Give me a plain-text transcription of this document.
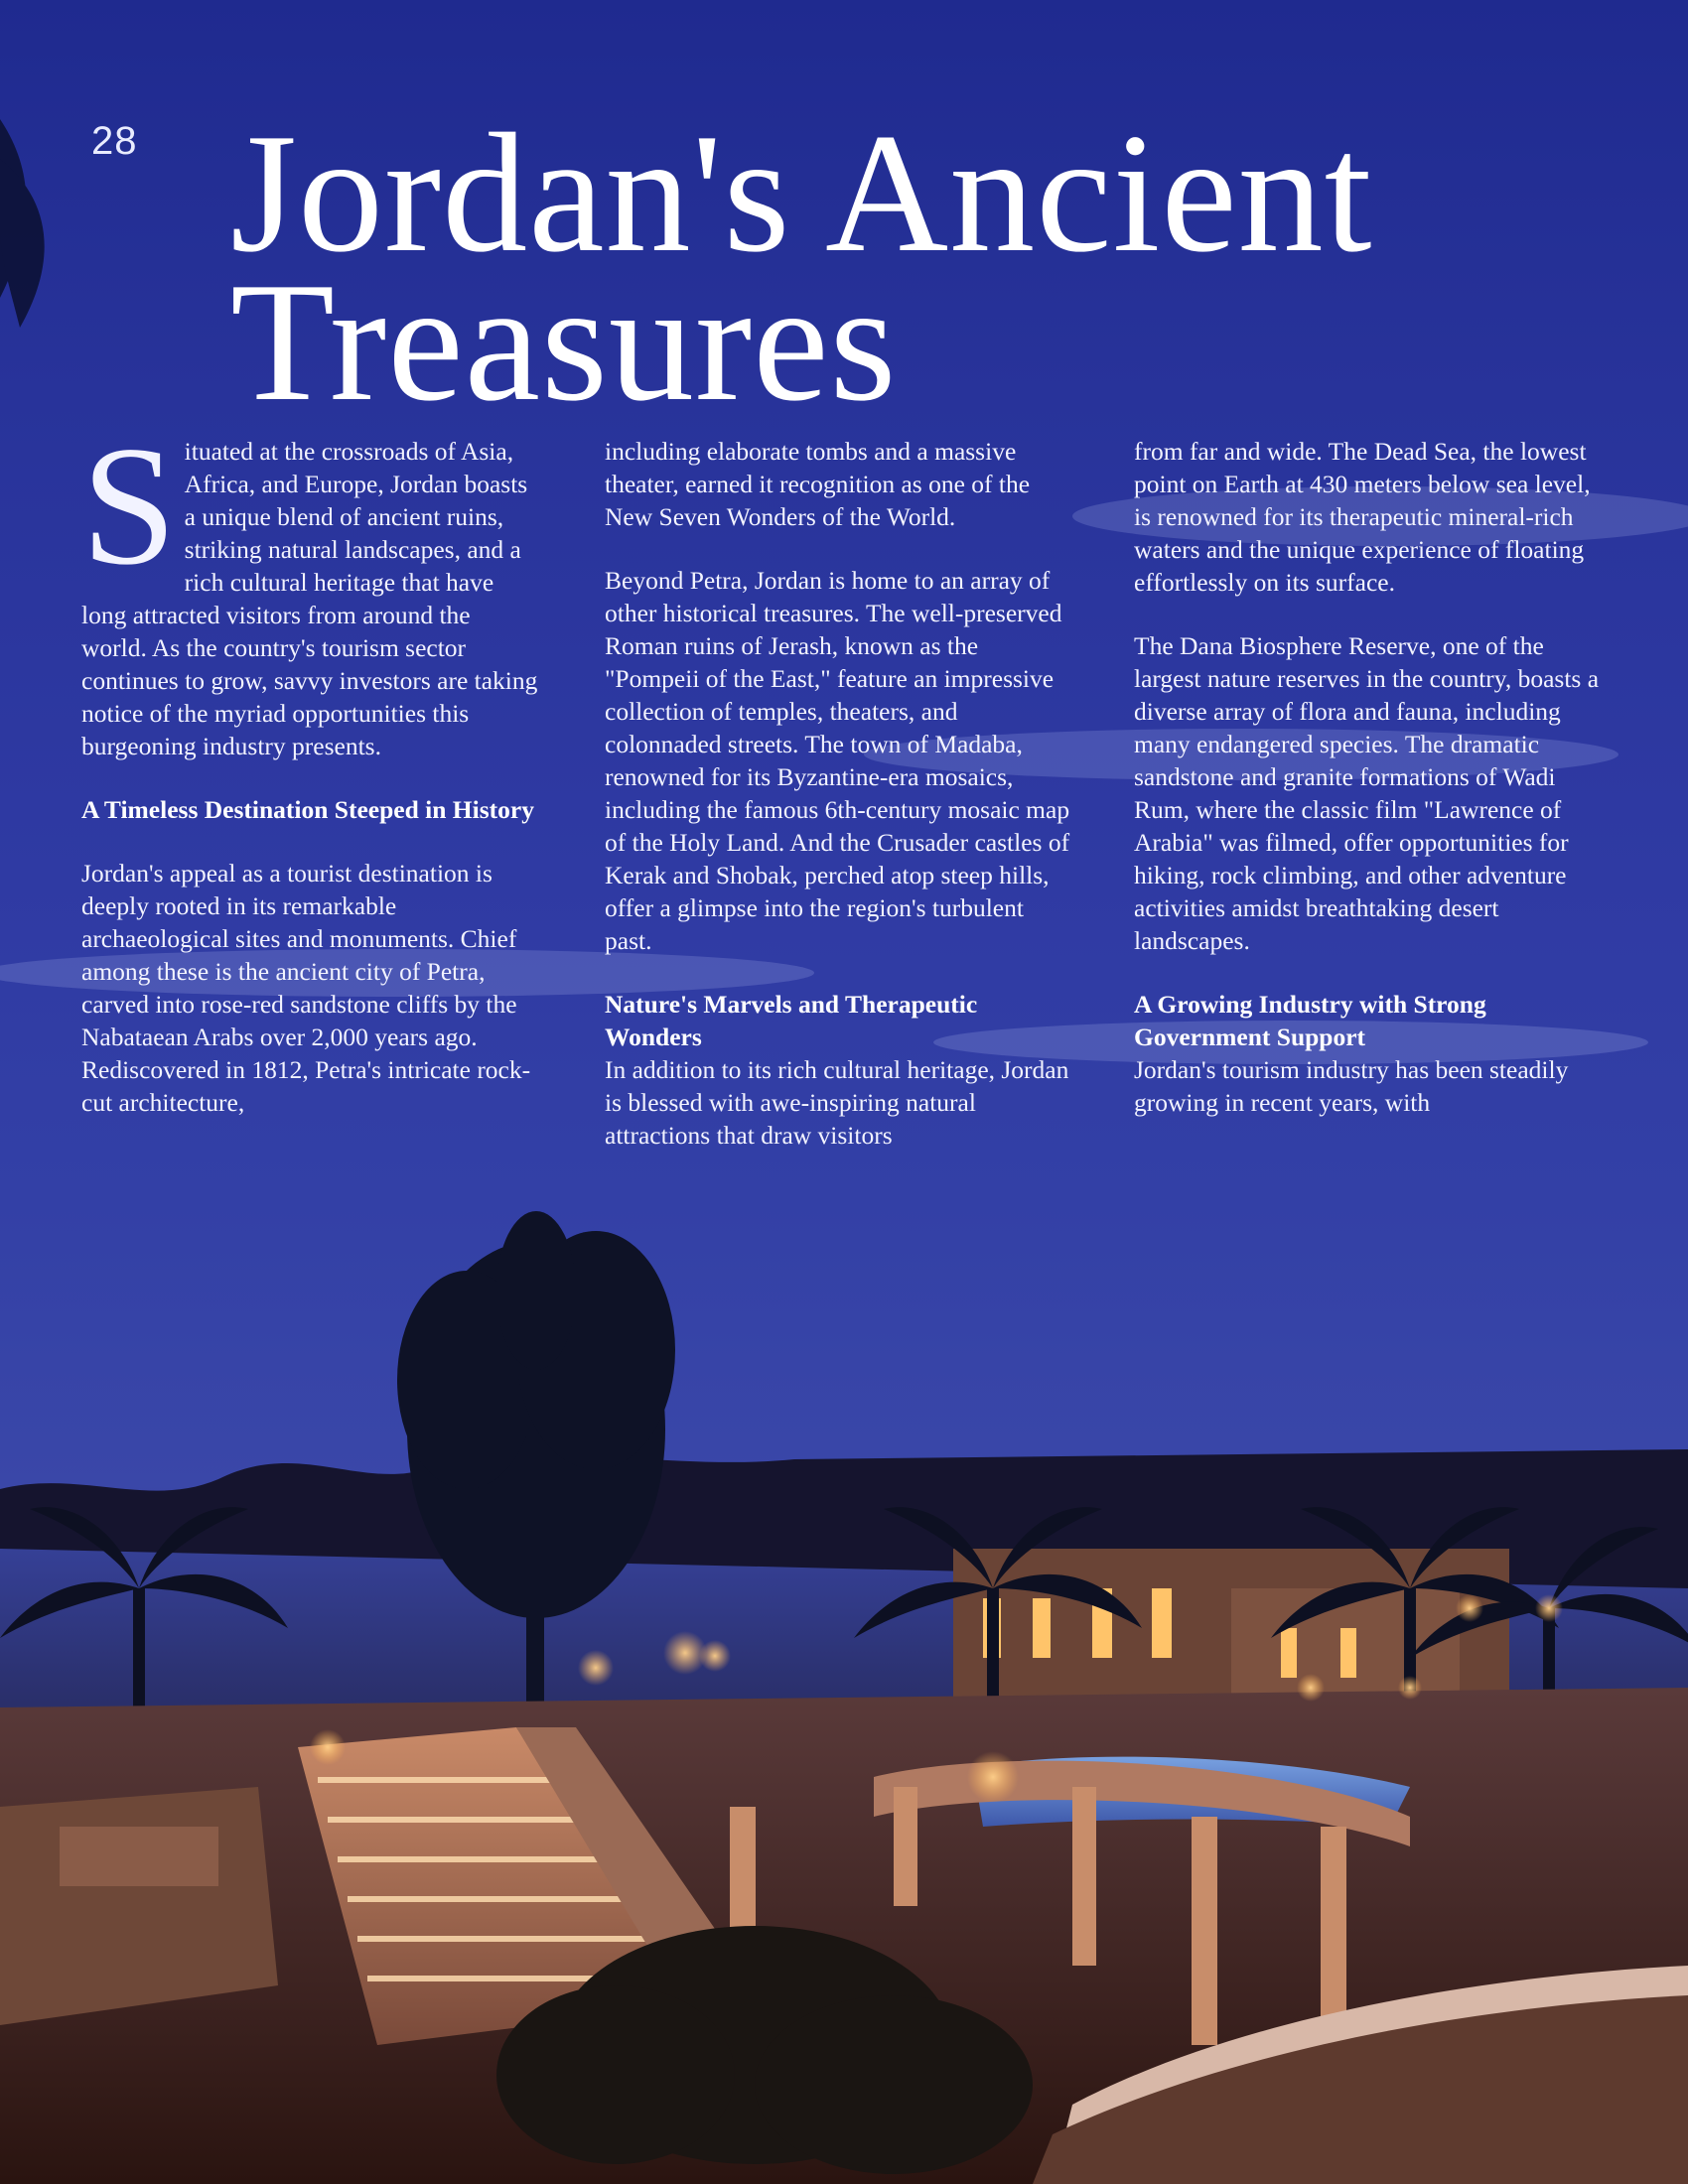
28 Jordan's Ancient Treasures

Situated at the crossroads of Asia, Africa, and Europe, Jordan boasts a unique blend of ancient ruins, striking natural landscapes, and a rich cultural heritage that have long attracted visitors from around the world. As the country's tourism sector continues to grow, savvy investors are taking notice of the myriad opportunities this burgeoning industry presents.

A Timeless Destination Steeped in History

Jordan's appeal as a tourist destination is deeply rooted in its remarkable archaeological sites and monuments. Chief among these is the ancient city of Petra, carved into rose-red sandstone cliffs by the Nabataean Arabs over 2,000 years ago. Rediscovered in 1812, Petra's intricate rock-cut architecture,

including elaborate tombs and a massive theater, earned it recognition as one of the New Seven Wonders of the World.

Beyond Petra, Jordan is home to an array of other historical treasures. The well-preserved Roman ruins of Jerash, known as the "Pompeii of the East," feature an impressive collection of temples, theaters, and colonnaded streets. The town of Madaba, renowned for its Byzantine-era mosaics, including the famous 6th-century mosaic map of the Holy Land. And the Crusader castles of Kerak and Shobak, perched atop steep hills, offer a glimpse into the region's turbulent past.

Nature's Marvels and Therapeutic Wonders

In addition to its rich cultural heritage, Jordan is blessed with awe-inspiring natural attractions that draw visitors

from far and wide. The Dead Sea, the lowest point on Earth at 430 meters below sea level, is renowned for its therapeutic mineral-rich waters and the unique experience of floating effortlessly on its surface.

The Dana Biosphere Reserve, one of the largest nature reserves in the country, boasts a diverse array of flora and fauna, including many endangered species. The dramatic sandstone and granite formations of Wadi Rum, where the classic film "Lawrence of Arabia" was filmed, offer opportunities for hiking, rock climbing, and other adventure activities amidst breathtaking desert landscapes.

A Growing Industry with Strong Government Support

Jordan's tourism industry has been steadily growing in recent years, with
